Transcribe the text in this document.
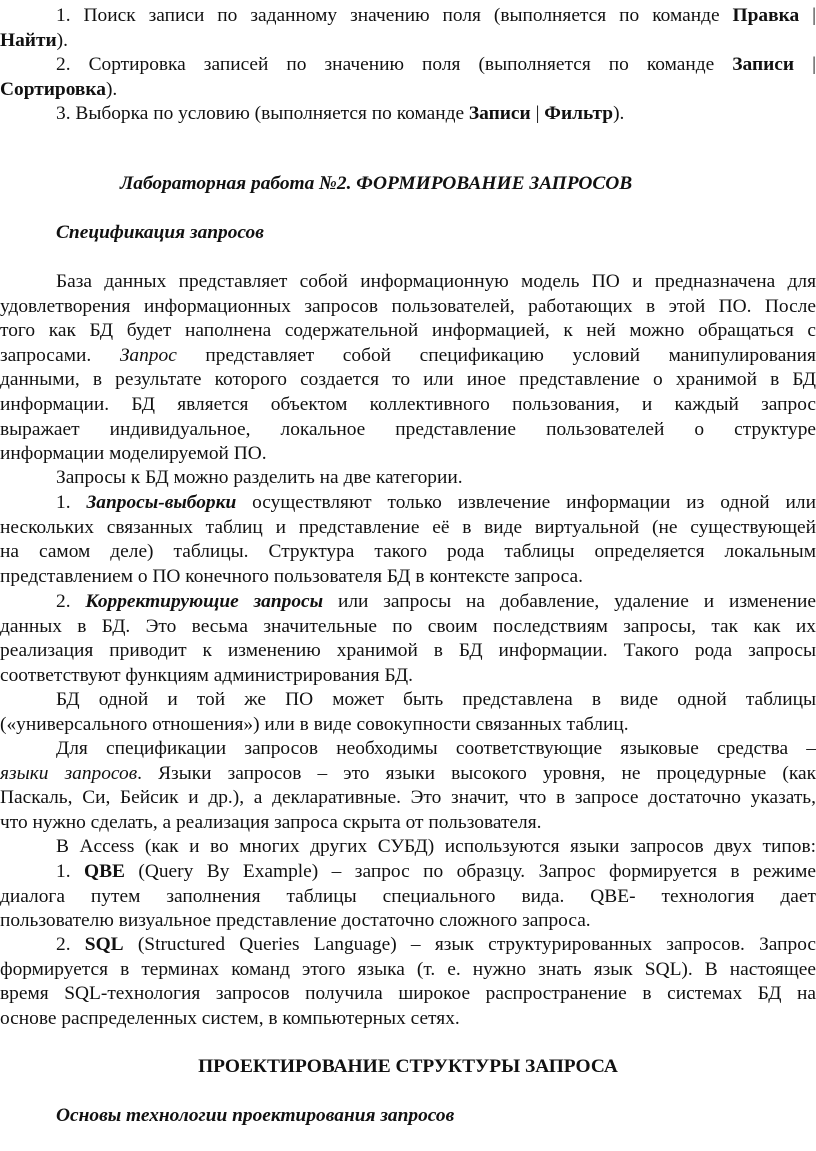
1. Поиск записи по заданному значению поля (выполняется по команде Правка |
Найти).
2. Сортировка записей по значению поля (выполняется по команде Записи |
Сортировка).
3. Выборка по условию (выполняется по команде Записи | Фильтр).
Лабораторная работа №2. ФОРМИРОВАНИЕ ЗАПРОСОВ
Спецификация запросов
База данных представляет собой информационную модель ПО и предназначена для
удовлетворения информационных запросов пользователей, работающих в этой ПО. После
того как БД будет наполнена содержательной информацией, к ней можно обращаться с
запросами. Запрос представляет собой спецификацию условий манипулирования
данными, в результате которого создается то или иное представление о хранимой в БД
информации. БД является объектом коллективного пользования, и каждый запрос
выражает индивидуальное, локальное представление пользователей о структуре
информации моделируемой ПО.
Запросы к БД можно разделить на две категории.
1. Запросы-выборки осуществляют только извлечение информации из одной или
нескольких связанных таблиц и представление её в виде виртуальной (не существующей
на самом деле) таблицы. Структура такого рода таблицы определяется локальным
представлением о ПО конечного пользователя БД в контексте запроса.
2. Корректирующие запросы или запросы на добавление, удаление и изменение
данных в БД. Это весьма значительные по своим последствиям запросы, так как их
реализация приводит к изменению хранимой в БД информации. Такого рода запросы
соответствуют функциям администрирования БД.
БД одной и той же ПО может быть представлена в виде одной таблицы
(«универсального отношения») или в виде совокупности связанных таблиц.
Для спецификации запросов необходимы соответствующие языковые средства –
языки запросов. Языки запросов – это языки высокого уровня, не процедурные (как
Паскаль, Си, Бейсик и др.), а декларативные. Это значит, что в запросе достаточно указать,
что нужно сделать, а реализация запроса скрыта от пользователя.
В Access (как и во многих других СУБД) используются языки запросов двух типов:
1. QBE (Query By Example) – запрос по образцу. Запрос формируется в режиме
диалога путем заполнения таблицы специального вида. QBE- технология дает
пользователю визуальное представление достаточно сложного запроса.
2. SQL (Structured Queries Language) – язык структурированных запросов. Запрос
формируется в терминах команд этого языка (т. е. нужно знать язык SQL). В настоящее
время SQL-технология запросов получила широкое распространение в системах БД на
основе распределенных систем, в компьютерных сетях.
ПРОЕКТИРОВАНИЕ СТРУКТУРЫ ЗАПРОСА
Основы технологии проектирования запросов
